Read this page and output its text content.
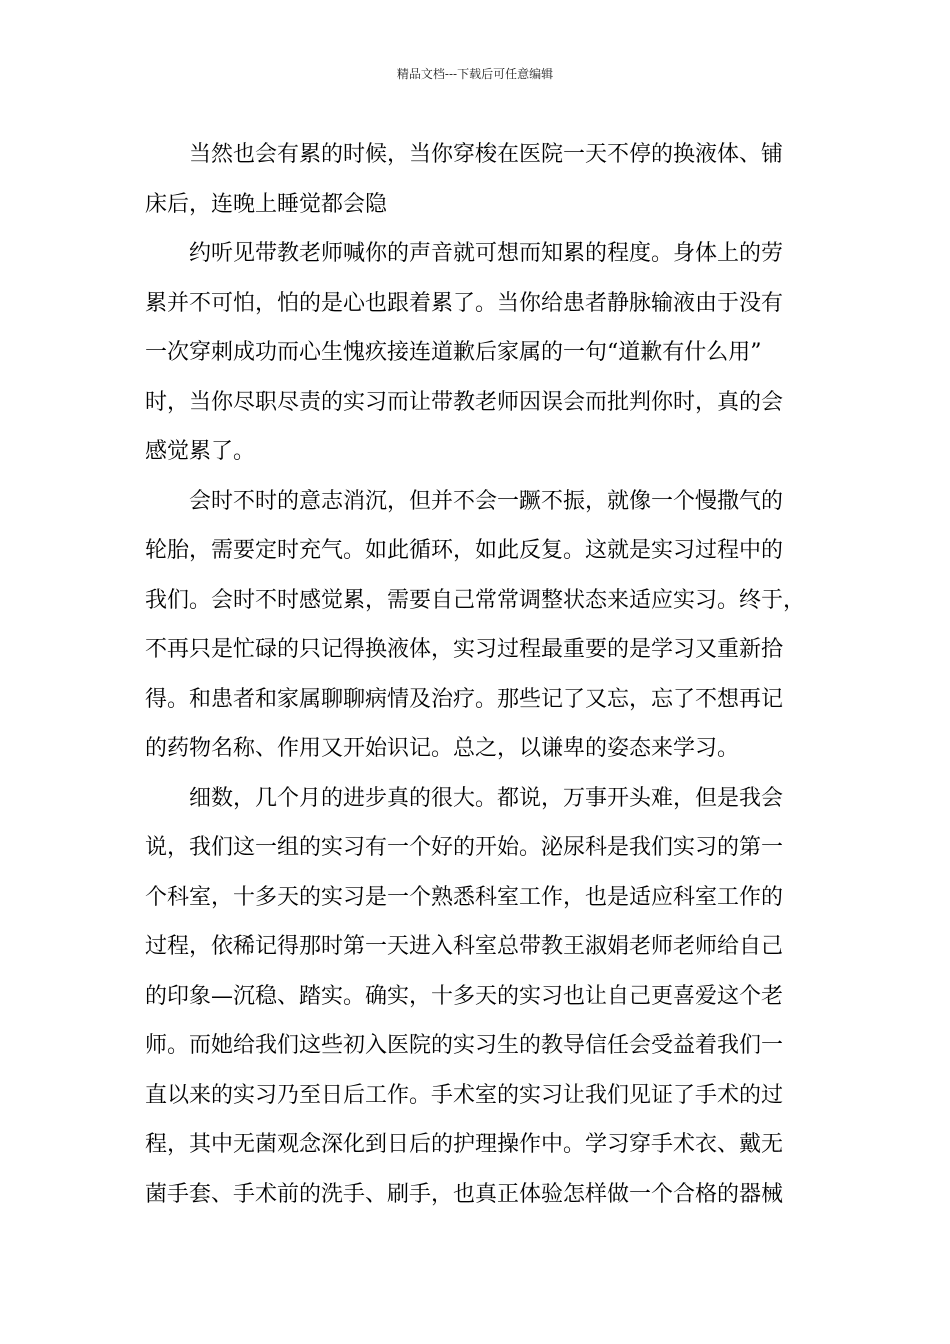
精品文档---下载后可任意编辑

当然也会有累的时候，当你穿梭在医院一天不停的换液体、铺
床后，连晚上睡觉都会隐

约听见带教老师喊你的声音就可想而知累的程度。身体上的劳
累并不可怕，怕的是心也跟着累了。当你给患者静脉输液由于没有
一次穿刺成功而心生愧疚接连道歉后家属的一句“道歉有什么用”
时，当你尽职尽责的实习而让带教老师因误会而批判你时，真的会
感觉累了。

会时不时的意志消沉，但并不会一蹶不振，就像一个慢撒气的
轮胎，需要定时充气。如此循环，如此反复。这就是实习过程中的
我们。会时不时感觉累，需要自己常常调整状态来适应实习。终于，
不再只是忙碌的只记得换液体，实习过程最重要的是学习又重新拾
得。和患者和家属聊聊病情及治疗。那些记了又忘，忘了不想再记
的药物名称、作用又开始识记。总之，以谦卑的姿态来学习。

细数，几个月的进步真的很大。都说，万事开头难，但是我会
说，我们这一组的实习有一个好的开始。泌尿科是我们实习的第一
个科室，十多天的实习是一个熟悉科室工作，也是适应科室工作的
过程，依稀记得那时第一天进入科室总带教王淑娟老师老师给自己
的印象—沉稳、踏实。确实，十多天的实习也让自己更喜爱这个老
师。而她给我们这些初入医院的实习生的教导信任会受益着我们一
直以来的实习乃至日后工作。手术室的实习让我们见证了手术的过
程，其中无菌观念深化到日后的护理操作中。学习穿手术衣、戴无
菌手套、手术前的洗手、刷手，也真正体验怎样做一个合格的器械
